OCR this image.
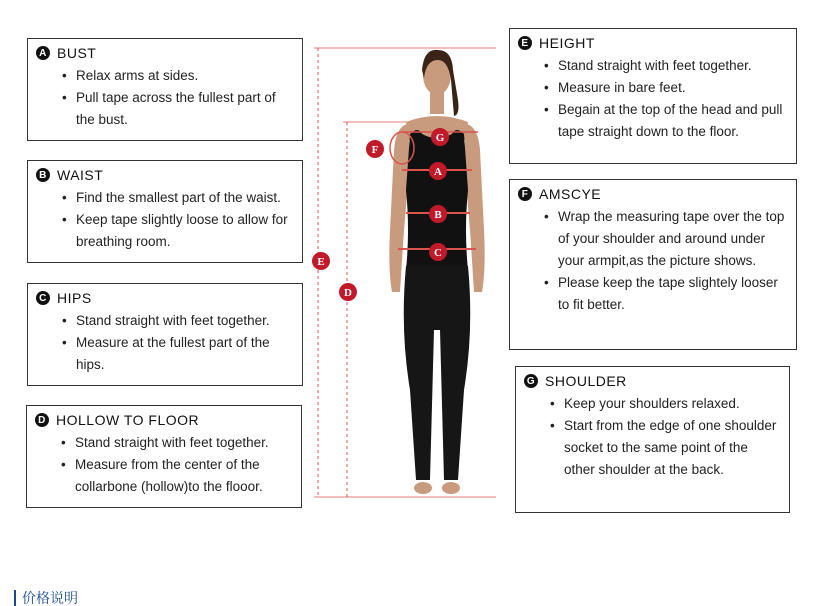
A BUST
• Relax arms at sides.
• Pull tape across the fullest part of the bust.
B WAIST
• Find the smallest part of the waist.
• Keep tape slightly loose to allow for breathing room.
C HIPS
• Stand straight with feet together.
• Measure at the fullest part of the hips.
D HOLLOW TO FLOOR
• Stand straight with feet together.
• Measure from the center of the collarbone (hollow)to the flooor.
E HEIGHT
• Stand straight with feet together.
• Measure in bare feet.
• Begain at the top of the head and pull tape straight down to the floor.
F AMSCYE
• Wrap the measuring tape over the top of your shoulder and around under your armpit,as the picture shows.
• Please keep the tape slightely looser to fit better.
G SHOULDER
• Keep your shoulders relaxed.
• Start from the edge of one shoulder socket to the same point of the other shoulder at the back.
G
F
A
B
C
E
D
价格说明
